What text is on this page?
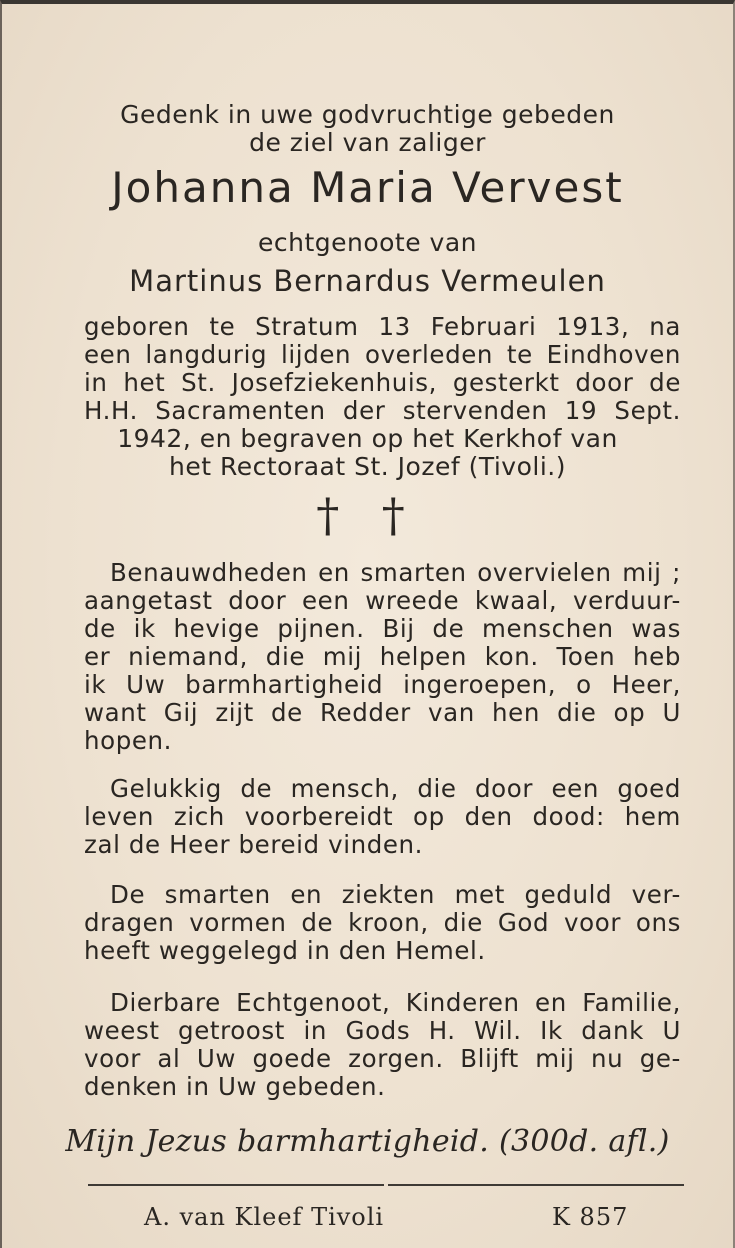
Gedenk in uwe godvruchtige gebeden
de ziel van zaliger
Johanna Maria Vervest
echtgenoote van
Martinus Bernardus Vermeulen
geboren te Stratum 13 Februari 1913, na
een langdurig lijden overleden te Eindhoven
in het St. Josefziekenhuis, gesterkt door de
H.H. Sacramenten der stervenden 19 Sept.
1942, en begraven op het Kerkhof van
het Rectoraat St. Jozef (Tivoli.)
† †
Benauwdheden en smarten overvielen mij ;
aangetast door een wreede kwaal, verduur-
de ik hevige pijnen. Bij de menschen was
er niemand, die mij helpen kon. Toen heb
ik Uw barmhartigheid ingeroepen, o Heer,
want Gij zijt de Redder van hen die op U
hopen.
Gelukkig de mensch, die door een goed
leven zich voorbereidt op den dood: hem
zal de Heer bereid vinden.
De smarten en ziekten met geduld ver-
dragen vormen de kroon, die God voor ons
heeft weggelegd in den Hemel.
Dierbare Echtgenoot, Kinderen en Familie,
weest getroost in Gods H. Wil. Ik dank U
voor al Uw goede zorgen. Blijft mij nu ge-
denken in Uw gebeden.
Mijn Jezus barmhartigheid. (300d. afl.)
A. van Kleef Tivoli	K 857
